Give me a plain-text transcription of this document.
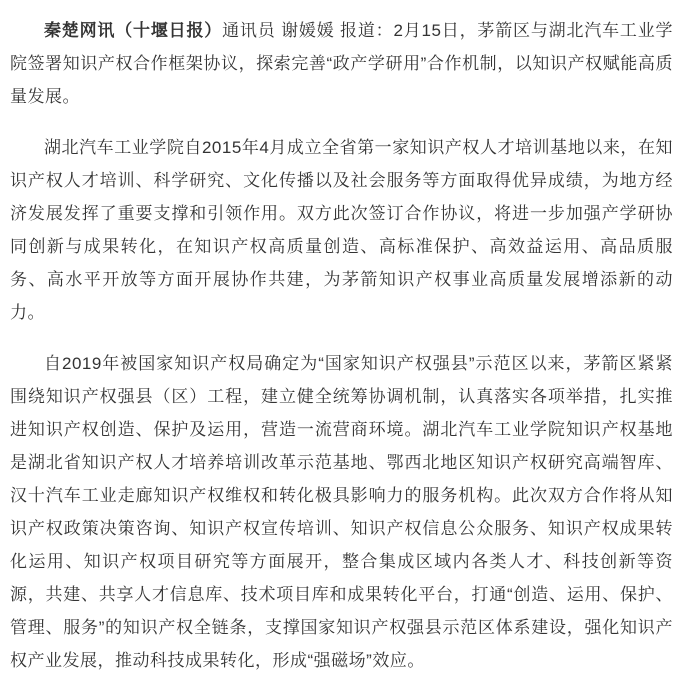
秦楚网讯（十堰日报）通讯员 谢媛媛 报道：2月15日，茅箭区与湖北汽车工业学院签署知识产权合作框架协议，探索完善“政产学研用”合作机制，以知识产权赋能高质量发展。

湖北汽车工业学院自2015年4月成立全省第一家知识产权人才培训基地以来，在知识产权人才培训、科学研究、文化传播以及社会服务等方面取得优异成绩，为地方经济发展发挥了重要支撑和引领作用。双方此次签订合作协议，将进一步加强产学研协同创新与成果转化，在知识产权高质量创造、高标准保护、高效益运用、高品质服务、高水平开放等方面开展协作共建，为茅箭知识产权事业高质量发展增添新的动力。

自2019年被国家知识产权局确定为“国家知识产权强县”示范区以来，茅箭区紧紧围绕知识产权强县（区）工程，建立健全统筹协调机制，认真落实各项举措，扎实推进知识产权创造、保护及运用，营造一流营商环境。湖北汽车工业学院知识产权基地是湖北省知识产权人才培养培训改革示范基地、鄂西北地区知识产权研究高端智库、汉十汽车工业走廊知识产权维权和转化极具影响力的服务机构。此次双方合作将从知识产权政策决策咨询、知识产权宣传培训、知识产权信息公众服务、知识产权成果转化运用、知识产权项目研究等方面展开，整合集成区域内各类人才、科技创新等资源，共建、共享人才信息库、技术项目库和成果转化平台，打通“创造、运用、保护、管理、服务”的知识产权全链条，支撑国家知识产权强县示范区体系建设，强化知识产权产业发展，推动科技成果转化，形成“强磁场”效应。
